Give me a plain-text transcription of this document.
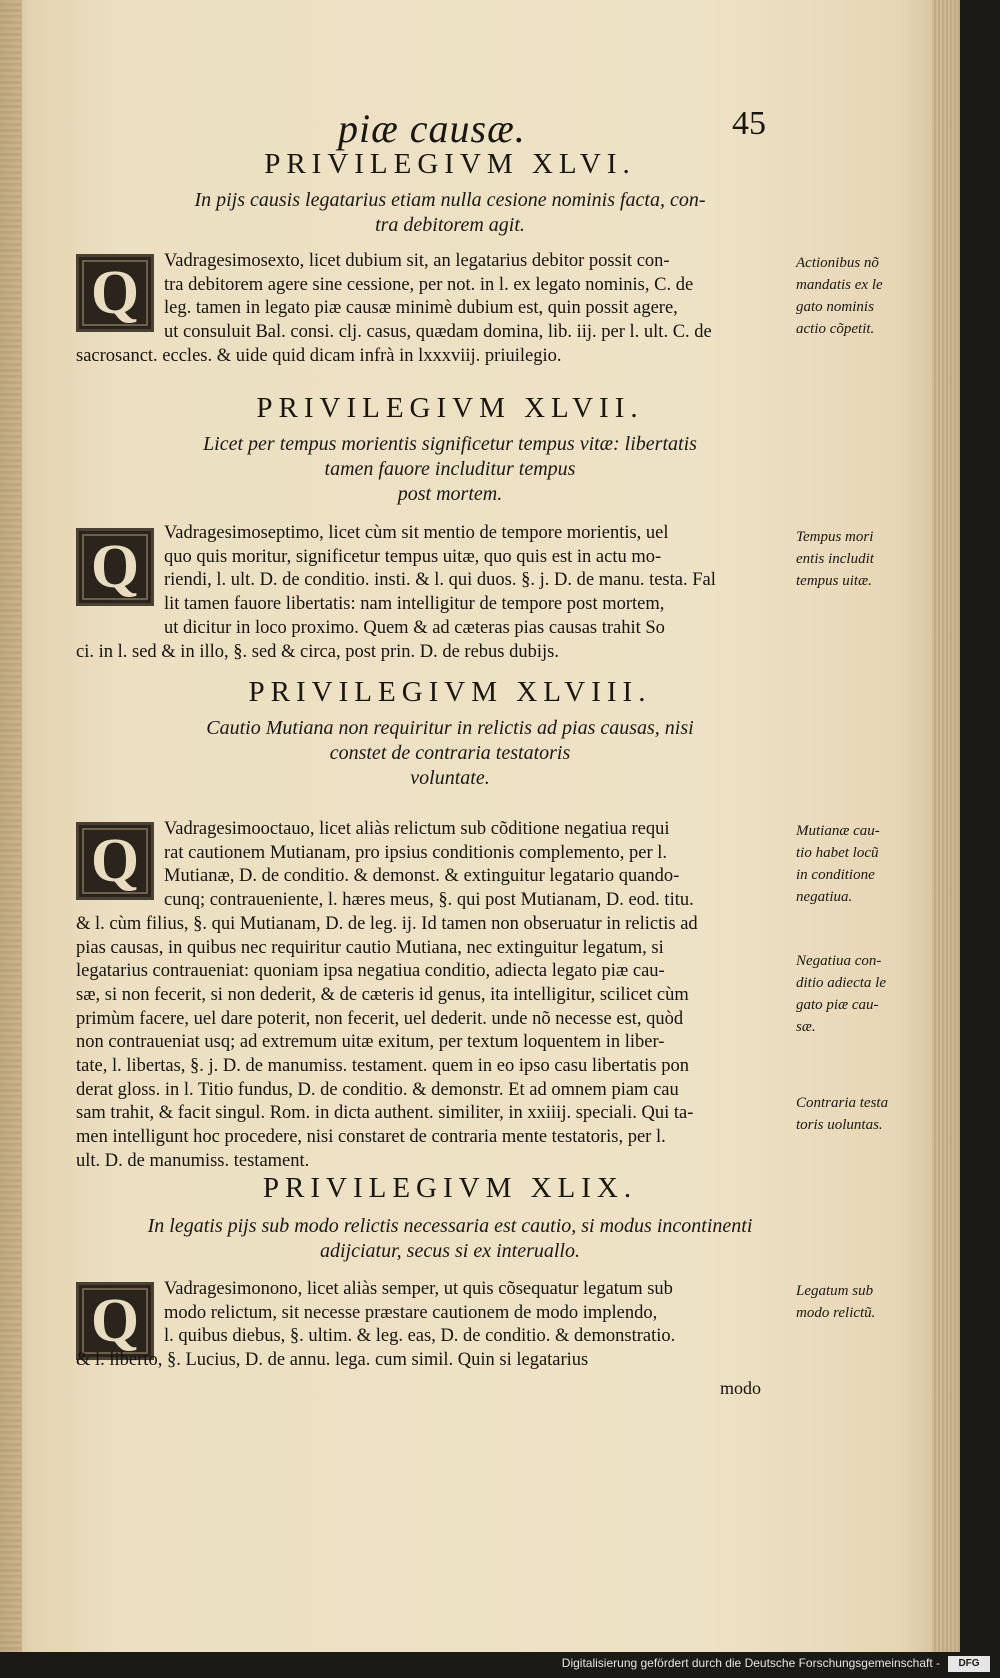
piæ causæ.	45
PRIVILEGIVM XLVI.
In pijs causis legatarius etiam nulla cesione nominis facta, con-
tra debitorem agit.
Q	Vadragesimosexto, licet dubium sit, an legatarius debitor possit con-
tra debitorem agere sine cessione, per not. in l. ex legato nominis, C. de
leg. tamen in legato piæ causæ minimè dubium est, quin possit agere,
ut consuluit Bal. consi. clj. casus, quædam domina, lib. iij. per l. ult. C. de
sacrosanct. eccles. & uide quid dicam infrà in lxxxviij. priuilegio.
Actionibus nõ
mandatis ex le
gato nominis
actio cõpetit.
PRIVILEGIVM XLVII.
Licet per tempus morientis significetur tempus vitæ: libertatis
tamen fauore includitur tempus
post mortem.
Q	Vadragesimoseptimo, licet cùm sit mentio de tempore morientis, uel
quo quis moritur, significetur tempus uitæ, quo quis est in actu mo-
riendi, l. ult. D. de conditio. insti. & l. qui duos. §. j. D. de manu. testa. Fal
lit tamen fauore libertatis: nam intelligitur de tempore post mortem,
ut dicitur in loco proximo. Quem & ad cæteras pias causas trahit So
ci. in l. sed & in illo, §. sed & circa, post prin. D. de rebus dubijs.
Tempus mori
entis includit
tempus uitæ.
PRIVILEGIVM XLVIII.
Cautio Mutiana non requiritur in relictis ad pias causas, nisi
constet de contraria testatoris
voluntate.
Q	Vadragesimooctauo, licet aliàs relictum sub cõditione negatiua requi
rat cautionem Mutianam, pro ipsius conditionis complemento, per l.
Mutianæ, D. de conditio. & demonst. & extinguitur legatario quando-
cunq; contraueniente, l. hæres meus, §. qui post Mutianam, D. eod. titu.
& l. cùm filius, §. qui Mutianam, D. de leg. ij. Id tamen non obseruatur in relictis ad
pias causas, in quibus nec requiritur cautio Mutiana, nec extinguitur legatum, si
legatarius contraueniat: quoniam ipsa negatiua conditio, adiecta legato piæ cau-
sæ, si non fecerit, si non dederit, & de cæteris id genus, ita intelligitur, scilicet cùm
primùm facere, uel dare poterit, non fecerit, uel dederit. unde nõ necesse est, quòd
non contraueniat usq; ad extremum uitæ exitum, per textum loquentem in liber-
tate, l. libertas, §. j. D. de manumiss. testament. quem in eo ipso casu libertatis pon
derat gloss. in l. Titio fundus, D. de conditio. & demonstr. Et ad omnem piam cau
sam trahit, & facit singul. Rom. in dicta authent. similiter, in xxiiij. speciali. Qui ta-
men intelligunt hoc procedere, nisi constaret de contraria mente testatoris, per l.
ult. D. de manumiss. testament.
Mutianæ cau-
tio habet locũ
in conditione
negatiua.
Negatiua con-
ditio adiecta le
gato piæ cau-
sæ.
Contraria testa
toris uoluntas.
PRIVILEGIVM XLIX.
In legatis pijs sub modo relictis necessaria est cautio, si modus incontinenti
adijciatur, secus si ex interuallo.
Q	Vadragesimonono, licet aliàs semper, ut quis cõsequatur legatum sub
modo relictum, sit necesse præstare cautionem de modo implendo,
l. quibus diebus, §. ultim. & leg. eas, D. de conditio. & demonstratio.
& l. liberto, §. Lucius, D. de annu. lega. cum simil. Quin si legatarius
Legatum sub
modo relictũ.
modo
Digitalisierung gefördert durch die Deutsche Forschungsgemeinschaft -	DFG
